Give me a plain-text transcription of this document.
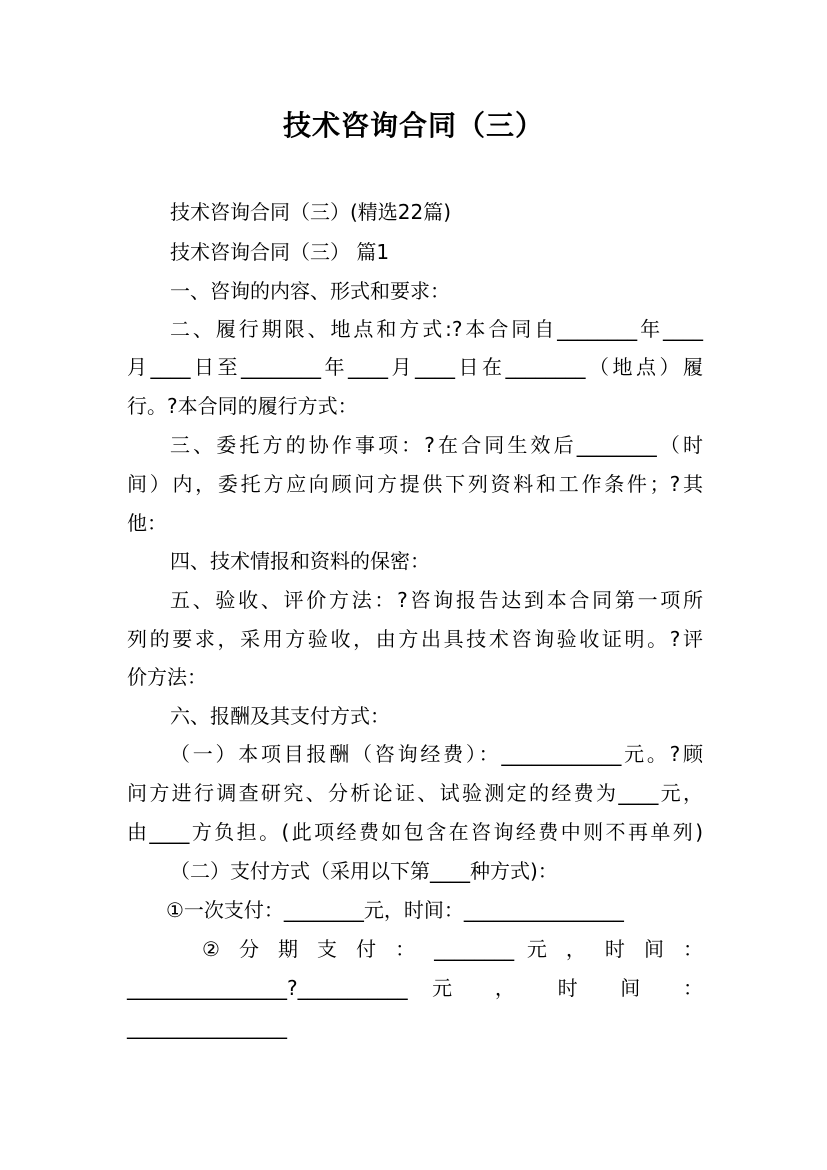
技术咨询合同（三）
技术咨询合同（三）(精选22篇)
技术咨询合同（三） 篇1
一、咨询的内容、形式和要求：
二、履行期限、地点和方式:?本合同自________年____
月____日至________年____月____日在________（地点）履
行。?本合同的履行方式：
三、委托方的协作事项：?在合同生效后________（时
间）内，委托方应向顾问方提供下列资料和工作条件；?其
他：
四、技术情报和资料的保密：
五、验收、评价方法：?咨询报告达到本合同第一项所
列的要求，采用方验收，由方出具技术咨询验收证明。?评
价方法：
六、报酬及其支付方式：
（一）本项目报酬（咨询经费）：____________元。?顾
问方进行调查研究、分析论证、试验测定的经费为____元，
由____方负担。(此项经费如包含在咨询经费中则不再单列)
（二）支付方式（采用以下第____种方式)：
①一次支付：________元，时间：________________
② 分 期 支 付 ： ________ 元 ， 时 间 ：
________________?___________ 元 ， 时 间 ：
________________
